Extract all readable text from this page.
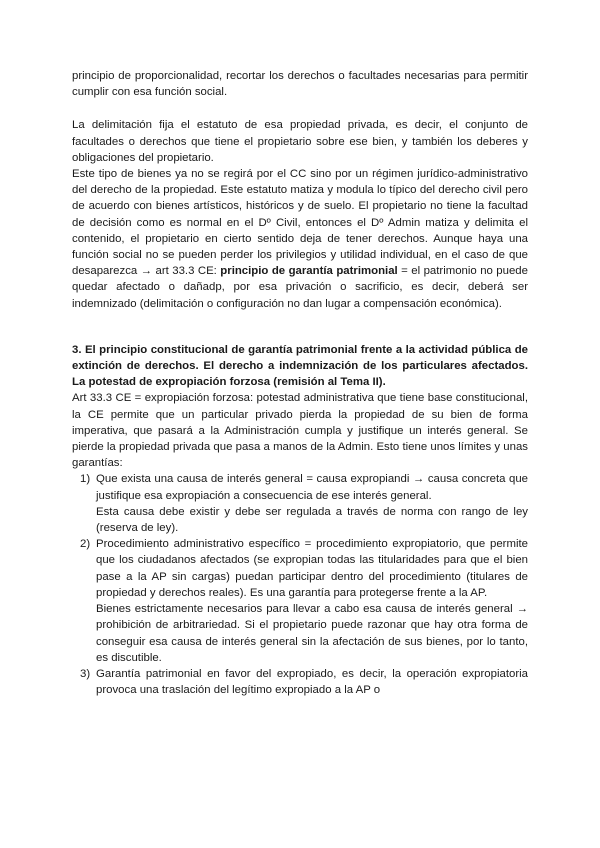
principio de proporcionalidad, recortar los derechos o facultades necesarias para permitir cumplir con esa función social.

La delimitación fija el estatuto de esa propiedad privada, es decir, el conjunto de facultades o derechos que tiene el propietario sobre ese bien, y también los deberes y obligaciones del propietario.

Este tipo de bienes ya no se regirá por el CC sino por un régimen jurídico-administrativo del derecho de la propiedad. Este estatuto matiza y modula lo típico del derecho civil pero de acuerdo con bienes artísticos, históricos y de suelo. El propietario no tiene la facultad de decisión como es normal en el Dº Civil, entonces el Dº Admin matiza y delimita el contenido, el propietario en cierto sentido deja de tener derechos. Aunque haya una función social no se pueden perder los privilegios y utilidad individual, en el caso de que desaparezca → art 33.3 CE: principio de garantía patrimonial = el patrimonio no puede quedar afectado o dañadp, por esa privación o sacrificio, es decir, deberá ser indemnizado (delimitación o configuración no dan lugar a compensación económica).

3. El principio constitucional de garantía patrimonial frente a la actividad pública de extinción de derechos. El derecho a indemnización de los particulares afectados. La potestad de expropiación forzosa (remisión al Tema II).

Art 33.3 CE = expropiación forzosa: potestad administrativa que tiene base constitucional, la CE permite que un particular privado pierda la propiedad de su bien de forma imperativa, que pasará a la Administración cumpla y justifique un interés general. Se pierde la propiedad privada que pasa a manos de la Admin. Esto tiene unos límites y unas garantías:

1) Que exista una causa de interés general = causa expropiandi → causa concreta que justifique esa expropiación a consecuencia de ese interés general.

Esta causa debe existir y debe ser regulada a través de norma con rango de ley (reserva de ley).

2) Procedimiento administrativo específico = procedimiento expropiatorio, que permite que los ciudadanos afectados (se expropian todas las titularidades para que el bien pase a la AP sin cargas) puedan participar dentro del procedimiento (titulares de propiedad y derechos reales). Es una garantía para protegerse frente a la AP.

Bienes estrictamente necesarios para llevar a cabo esa causa de interés general → prohibición de arbitrariedad. Si el propietario puede razonar que hay otra forma de conseguir esa causa de interés general sin la afectación de sus bienes, por lo tanto, es discutible.

3) Garantía patrimonial en favor del expropiado, es decir, la operación expropiatoria provoca una traslación del legítimo expropiado a la AP o
